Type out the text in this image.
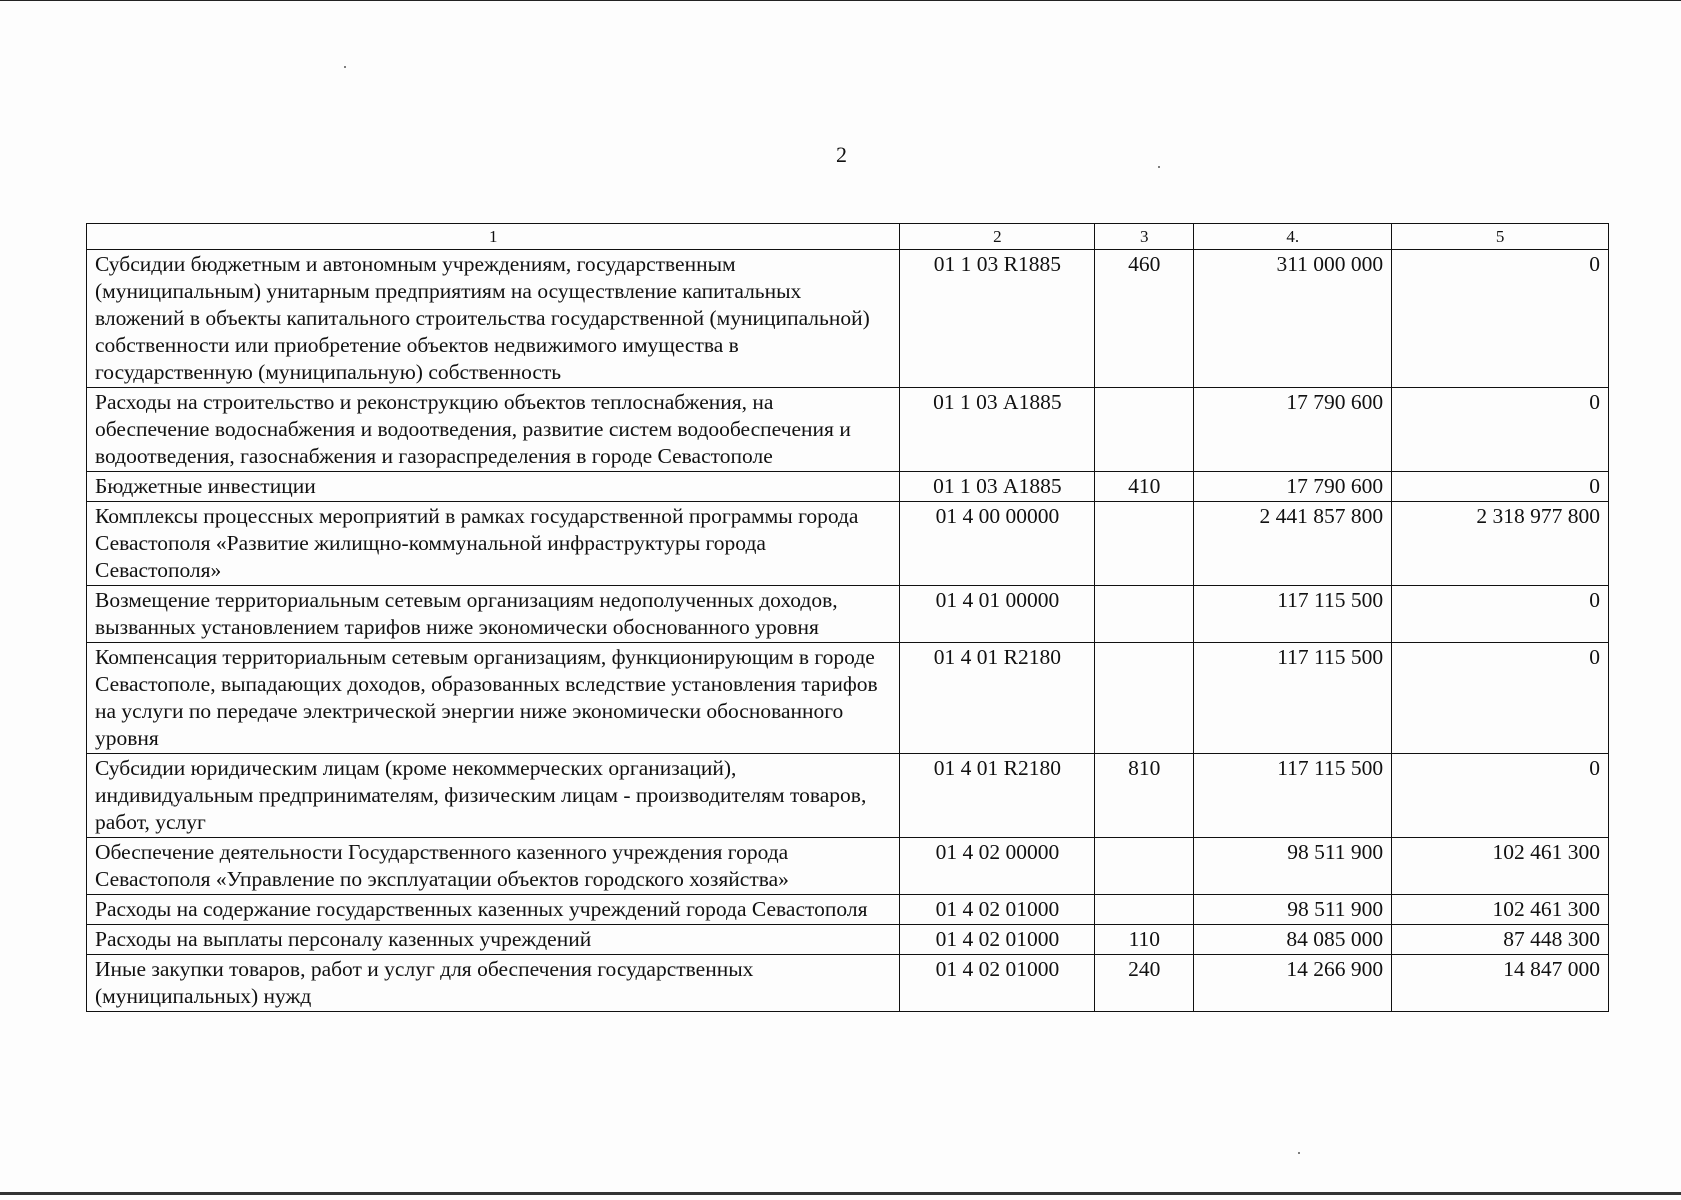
2
1	2	3	4.	5
Субсидии бюджетным и автономным учреждениям, государственным (муниципальным) унитарным предприятиям на осуществление капитальных вложений в объекты капитального строительства государственной (муниципальной) собственности или приобретение объектов недвижимого имущества в государственную (муниципальную) собственность	01 1 03 R1885	460	311 000 000	0
Расходы на строительство и реконструкцию объектов теплоснабжения, на обеспечение водоснабжения и водоотведения, развитие систем водообеспечения и водоотведения, газоснабжения и газораспределения в городе Севастополе	01 1 03 А1885		17 790 600	0
Бюджетные инвестиции	01 1 03 А1885	410	17 790 600	0
Комплексы процессных мероприятий в рамках государственной программы города Севастополя «Развитие жилищно-коммунальной инфраструктуры города Севастополя»	01 4 00 00000		2 441 857 800	2 318 977 800
Возмещение территориальным сетевым организациям недополученных доходов, вызванных установлением тарифов ниже экономически обоснованного уровня	01 4 01 00000		117 115 500	0
Компенсация территориальным сетевым организациям, функционирующим в городе Севастополе, выпадающих доходов, образованных вследствие установления тарифов на услуги по передаче электрической энергии ниже экономически обоснованного уровня	01 4 01 R2180		117 115 500	0
Субсидии юридическим лицам (кроме некоммерческих организаций), индивидуальным предпринимателям, физическим лицам - производителям товаров, работ, услуг	01 4 01 R2180	810	117 115 500	0
Обеспечение деятельности Государственного казенного учреждения города Севастополя «Управление по эксплуатации объектов городского хозяйства»	01 4 02 00000		98 511 900	102 461 300
Расходы на содержание государственных казенных учреждений города Севастополя	01 4 02 01000		98 511 900	102 461 300
Расходы на выплаты персоналу казенных учреждений	01 4 02 01000	110	84 085 000	87 448 300
Иные закупки товаров, работ и услуг для обеспечения государственных (муниципальных) нужд	01 4 02 01000	240	14 266 900	14 847 000
